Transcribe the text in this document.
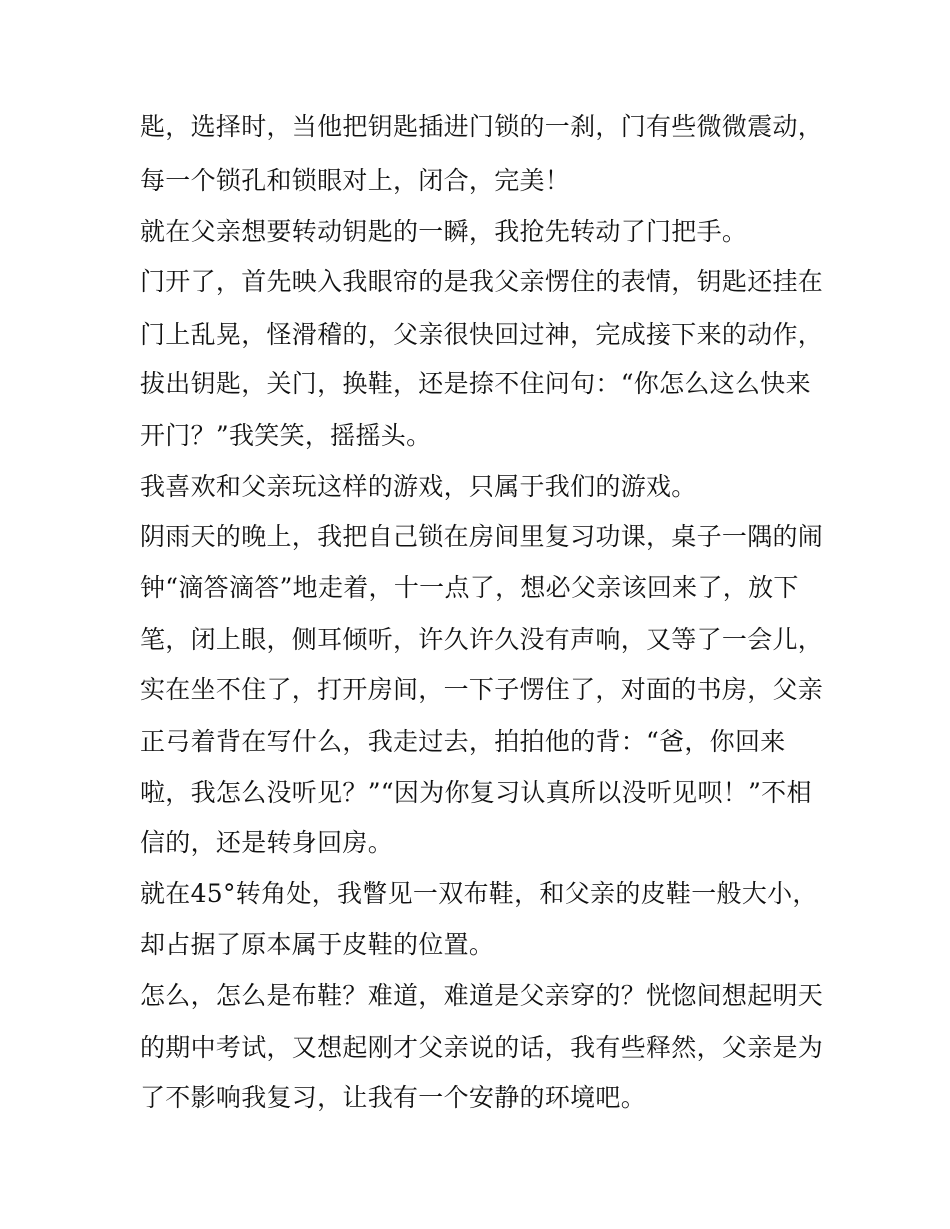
匙，选择时，当他把钥匙插进门锁的一刹，门有些微微震动，
每一个锁孔和锁眼对上，闭合，完美！
就在父亲想要转动钥匙的一瞬，我抢先转动了门把手。
门开了，首先映入我眼帘的是我父亲愣住的表情，钥匙还挂在
门上乱晃，怪滑稽的，父亲很快回过神，完成接下来的动作，
拔出钥匙，关门，换鞋，还是捺不住问句：“你怎么这么快来
开门？”我笑笑，摇摇头。
我喜欢和父亲玩这样的游戏，只属于我们的游戏。
阴雨天的晚上，我把自己锁在房间里复习功课，桌子一隅的闹
钟“滴答滴答”地走着，十一点了，想必父亲该回来了，放下
笔，闭上眼，侧耳倾听，许久许久没有声响，又等了一会儿，
实在坐不住了，打开房间，一下子愣住了，对面的书房，父亲
正弓着背在写什么，我走过去，拍拍他的背：“爸，你回来
啦，我怎么没听见？”“因为你复习认真所以没听见呗！”不相
信的，还是转身回房。
就在45°转角处，我瞥见一双布鞋，和父亲的皮鞋一般大小，
却占据了原本属于皮鞋的位置。
怎么，怎么是布鞋？难道，难道是父亲穿的？恍惚间想起明天
的期中考试，又想起刚才父亲说的话，我有些释然，父亲是为
了不影响我复习，让我有一个安静的环境吧。
